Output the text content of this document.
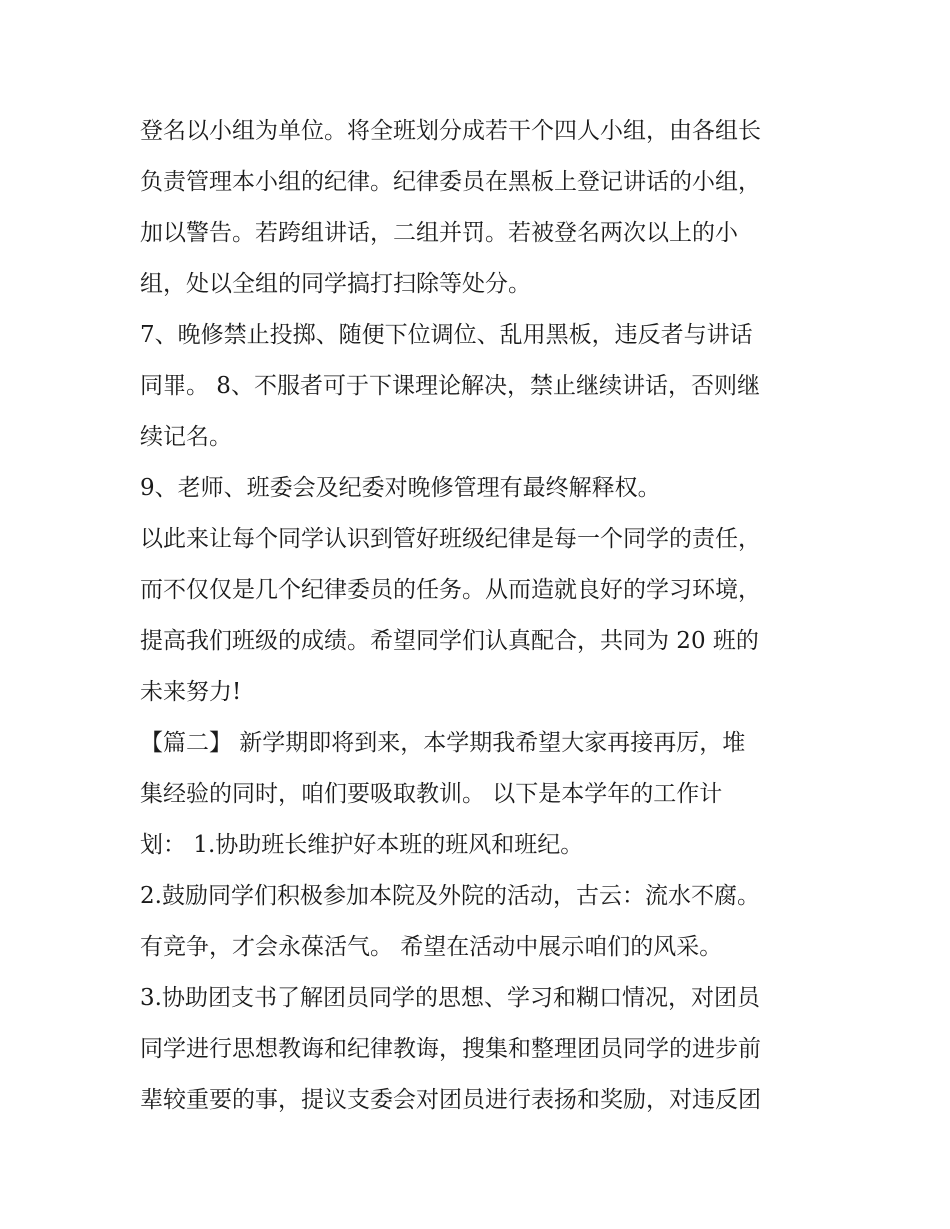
登名以小组为单位。将全班划分成若干个四人小组，由各组长
负责管理本小组的纪律。纪律委员在黑板上登记讲话的小组，
加以警告。若跨组讲话，二组并罚。若被登名两次以上的小
组，处以全组的同学搞打扫除等处分。
7、晚修禁止投掷、随便下位调位、乱用黑板，违反者与讲话
同罪。 8、不服者可于下课理论解决，禁止继续讲话，否则继
续记名。
9、老师、班委会及纪委对晚修管理有最终解释权。
以此来让每个同学认识到管好班级纪律是每一个同学的责任，
而不仅仅是几个纪律委员的任务。从而造就良好的学习环境，
提高我们班级的成绩。希望同学们认真配合，共同为 20 班的
未来努力!
【篇二】 新学期即将到来，本学期我希望大家再接再厉，堆
集经验的同时，咱们要吸取教训。 以下是本学年的工作计
划： 1.协助班长维护好本班的班风和班纪。
2.鼓励同学们积极参加本院及外院的活动，古云：流水不腐。
有竞争，才会永葆活气。 希望在活动中展示咱们的风采。
3.协助团支书了解团员同学的思想、学习和糊口情况，对团员
同学进行思想教诲和纪律教诲，搜集和整理团员同学的进步前
辈较重要的事，提议支委会对团员进行表扬和奖励，对违反团
